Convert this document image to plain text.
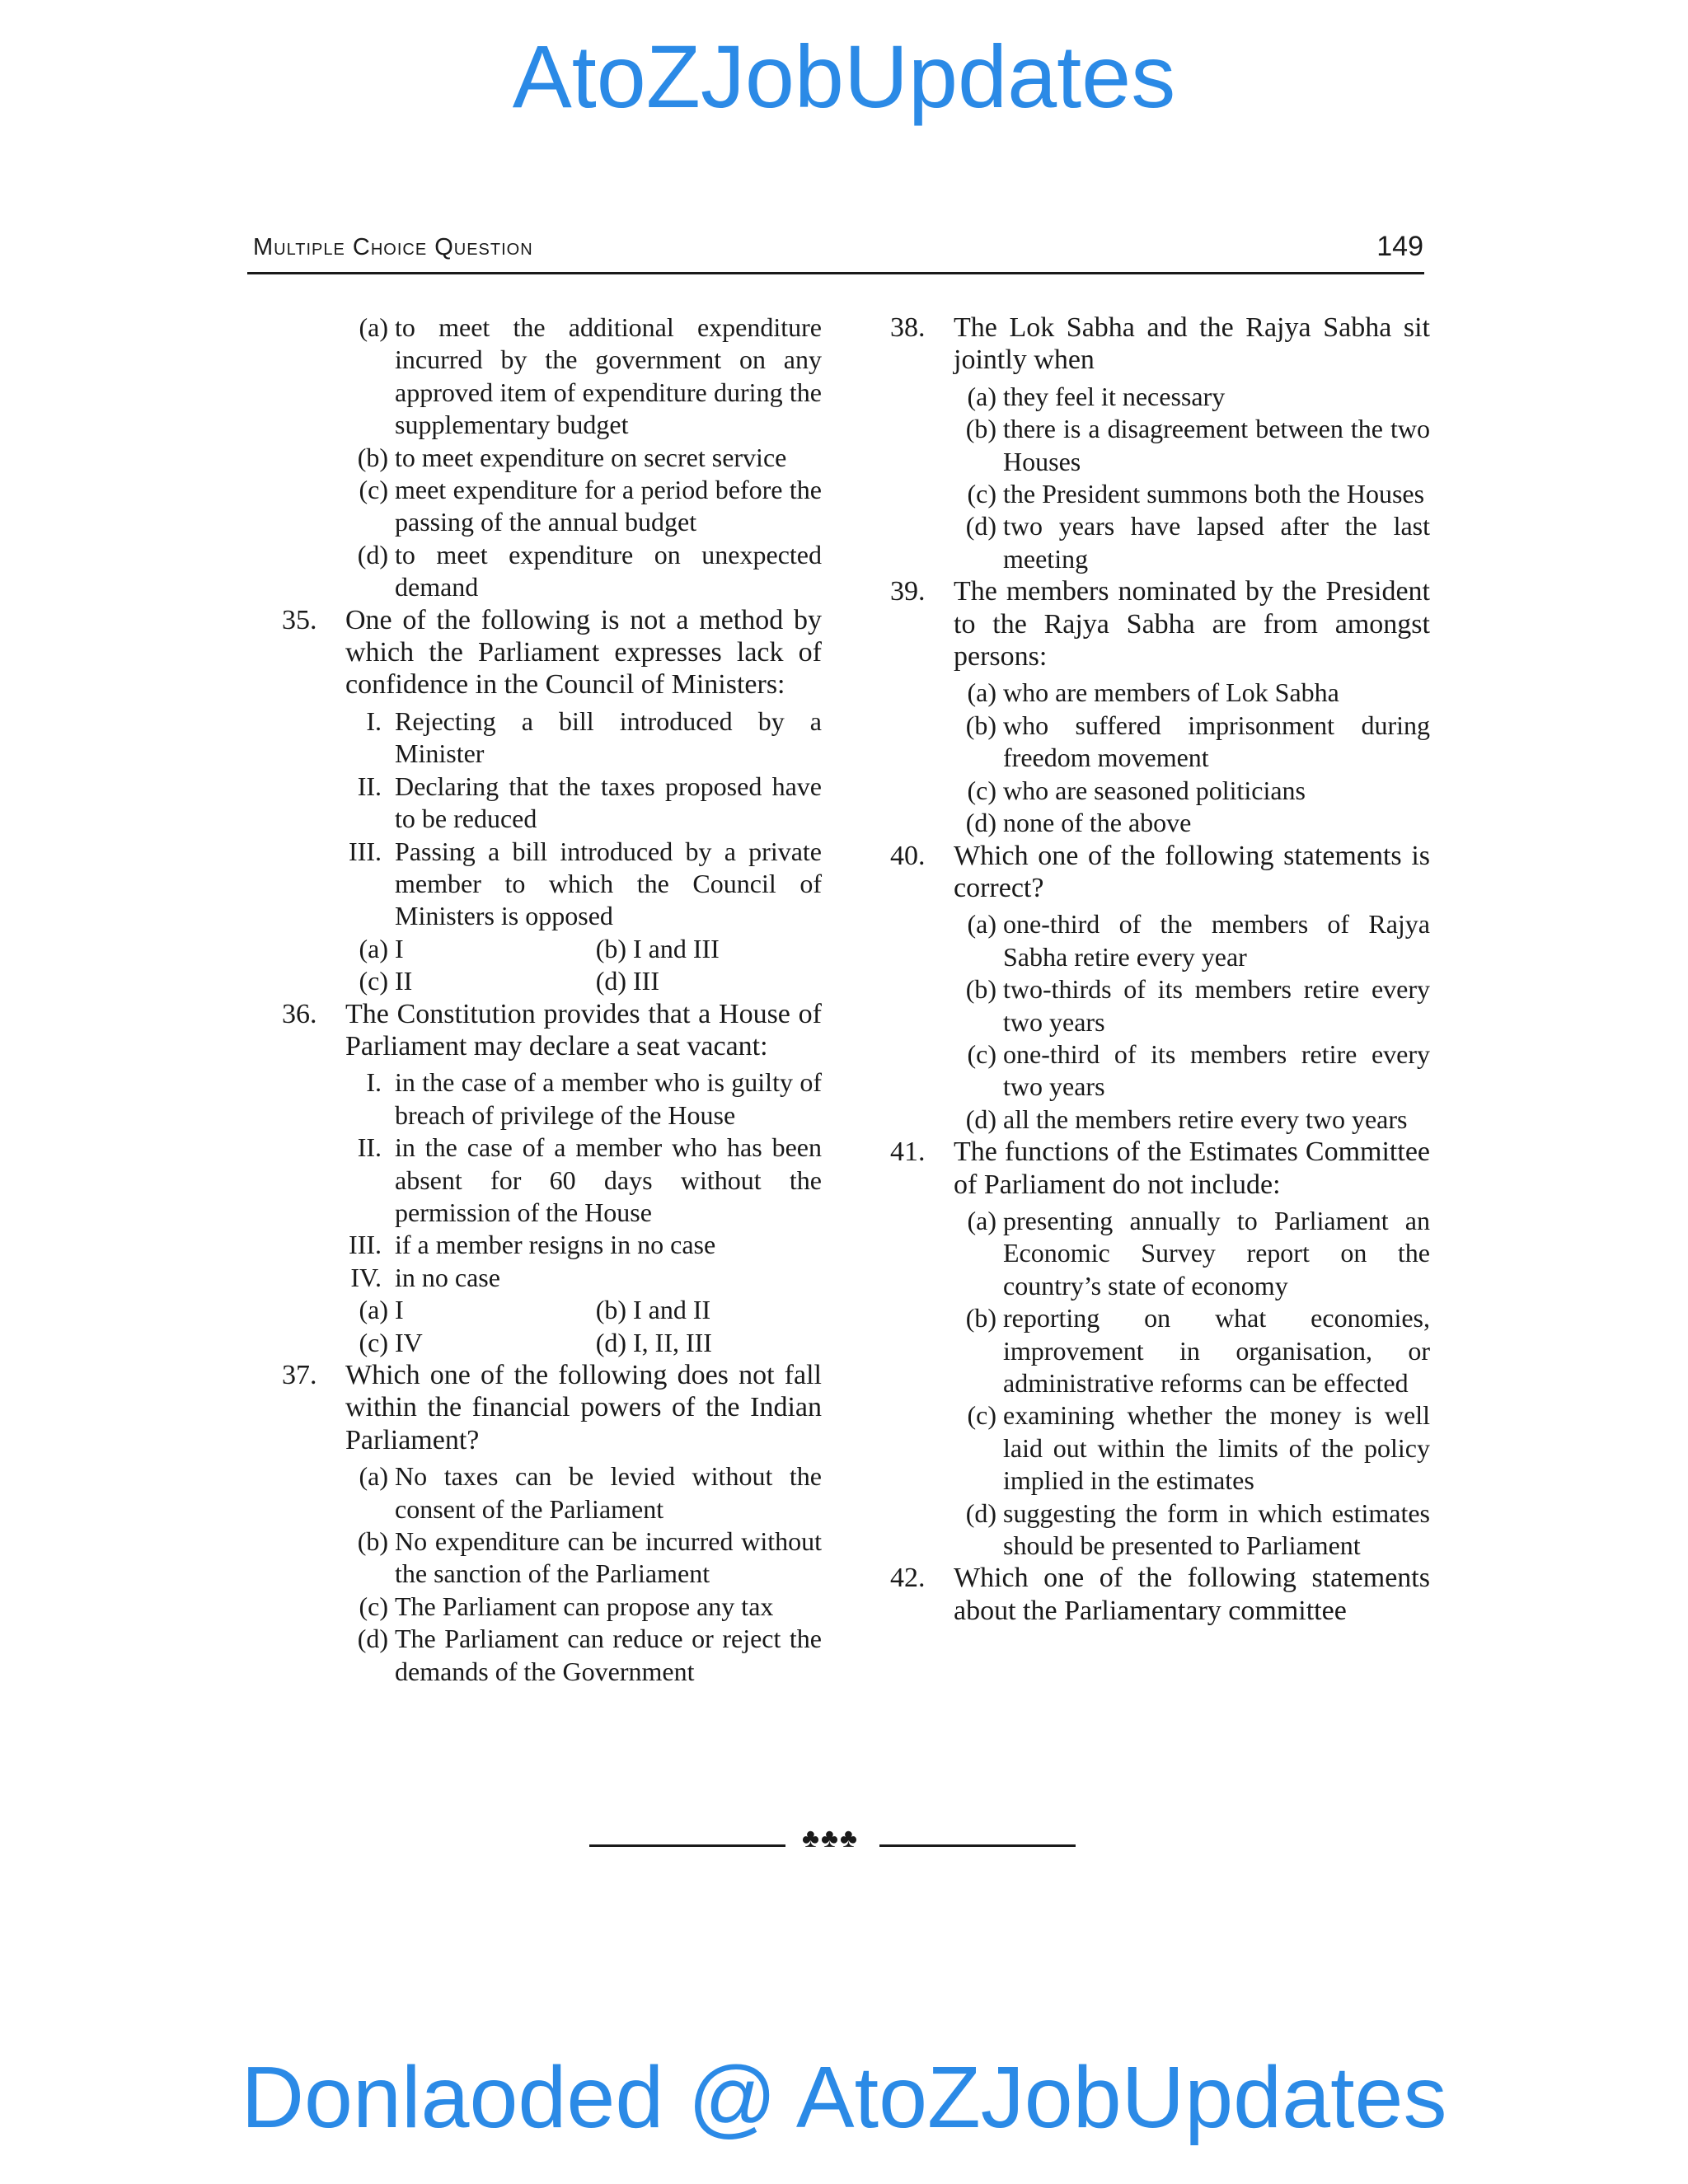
AtoZJobUpdates
Multiple Choice Question	149
(a) to meet the additional expenditure incurred by the government on any approved item of expenditure during the supplementary budget
(b) to meet expenditure on secret service
(c) meet expenditure for a period before the passing of the annual budget
(d) to meet expenditure on unexpected demand
35. One of the following is not a method by which the Parliament expresses lack of confidence in the Council of Ministers:
I. Rejecting a bill introduced by a Minister
II. Declaring that the taxes proposed have to be reduced
III. Passing a bill introduced by a private member to which the Council of Ministers is opposed
(a) I	(b) I and III
(c) II	(d) III
36. The Constitution provides that a House of Parliament may declare a seat vacant:
I. in the case of a member who is guilty of breach of privilege of the House
II. in the case of a member who has been absent for 60 days without the permission of the House
III. if a member resigns in no case
IV. in no case
(a) I	(b) I and II
(c) IV	(d) I, II, III
37. Which one of the following does not fall within the financial powers of the Indian Parliament?
(a) No taxes can be levied without the consent of the Parliament
(b) No expenditure can be incurred without the sanction of the Parliament
(c) The Parliament can propose any tax
(d) The Parliament can reduce or reject the demands of the Government
38. The Lok Sabha and the Rajya Sabha sit jointly when
(a) they feel it necessary
(b) there is a disagreement between the two Houses
(c) the President summons both the Houses
(d) two years have lapsed after the last meeting
39. The members nominated by the President to the Rajya Sabha are from amongst persons:
(a) who are members of Lok Sabha
(b) who suffered imprisonment during freedom movement
(c) who are seasoned politicians
(d) none of the above
40. Which one of the following statements is correct?
(a) one-third of the members of Rajya Sabha retire every year
(b) two-thirds of its members retire every two years
(c) one-third of its members retire every two years
(d) all the members retire every two years
41. The functions of the Estimates Committee of Parliament do not include:
(a) presenting annually to Parliament an Economic Survey report on the country’s state of economy
(b) reporting on what economies, improvement in organisation, or administrative reforms can be effected
(c) examining whether the money is well laid out within the limits of the policy implied in the estimates
(d) suggesting the form in which estimates should be presented to Parliament
42. Which one of the following statements about the Parliamentary committee
♣♣♣
Donlaoded @ AtoZJobUpdates
